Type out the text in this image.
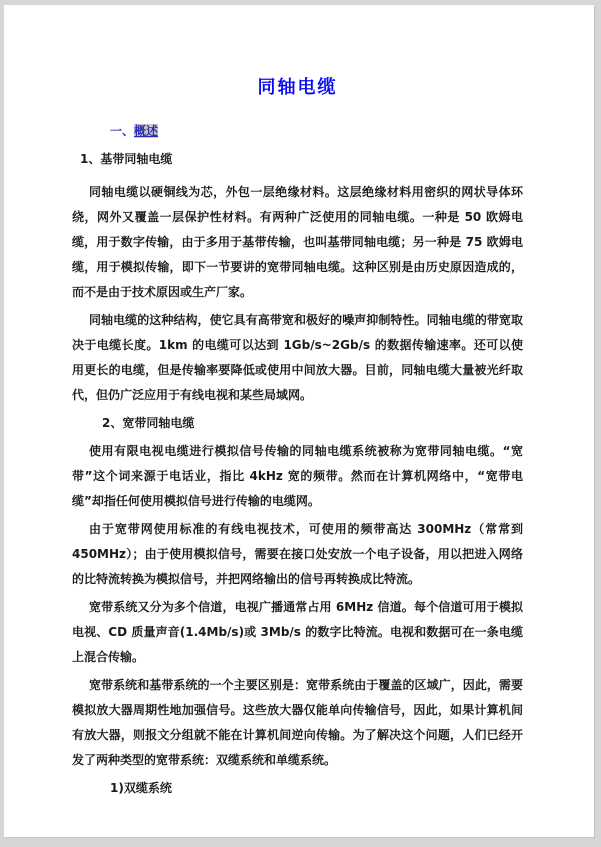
同轴电缆
一、概述
1、基带同轴电缆
同轴电缆以硬铜线为芯，外包一层绝缘材料。这层绝缘材料用密织的网状导体环绕，网外又覆盖一层保护性材料。有两种广泛使用的同轴电缆。一种是 50 欧姆电缆，用于数字传输，由于多用于基带传输，也叫基带同轴电缆；另一种是 75 欧姆电缆，用于模拟传输，即下一节要讲的宽带同轴电缆。这种区别是由历史原因造成的，而不是由于技术原因或生产厂家。
同轴电缆的这种结构，使它具有高带宽和极好的噪声抑制特性。同轴电缆的带宽取决于电缆长度。1km 的电缆可以达到 1Gb/s~2Gb/s 的数据传输速率。还可以使用更长的电缆，但是传输率要降低或使用中间放大器。目前，同轴电缆大量被光纤取代，但仍广泛应用于有线电视和某些局域网。
2、宽带同轴电缆
使用有限电视电缆进行模拟信号传输的同轴电缆系统被称为宽带同轴电缆。“宽带”这个词来源于电话业，指比 4kHz 宽的频带。然而在计算机网络中，“宽带电缆”却指任何使用模拟信号进行传输的电缆网。
由于宽带网使用标准的有线电视技术，可使用的频带高达 300MHz（常常到 450MHz）；由于使用模拟信号，需要在接口处安放一个电子设备，用以把进入网络的比特流转换为模拟信号，并把网络输出的信号再转换成比特流。
宽带系统又分为多个信道，电视广播通常占用 6MHz 信道。每个信道可用于模拟电视、CD 质量声音(1.4Mb/s)或 3Mb/s 的数字比特流。电视和数据可在一条电缆上混合传输。
宽带系统和基带系统的一个主要区别是：宽带系统由于覆盖的区域广，因此，需要模拟放大器周期性地加强信号。这些放大器仅能单向传输信号，因此，如果计算机间有放大器，则报文分组就不能在计算机间逆向传输。为了解决这个问题，人们已经开发了两种类型的宽带系统：双缆系统和单缆系统。
1)双缆系统
